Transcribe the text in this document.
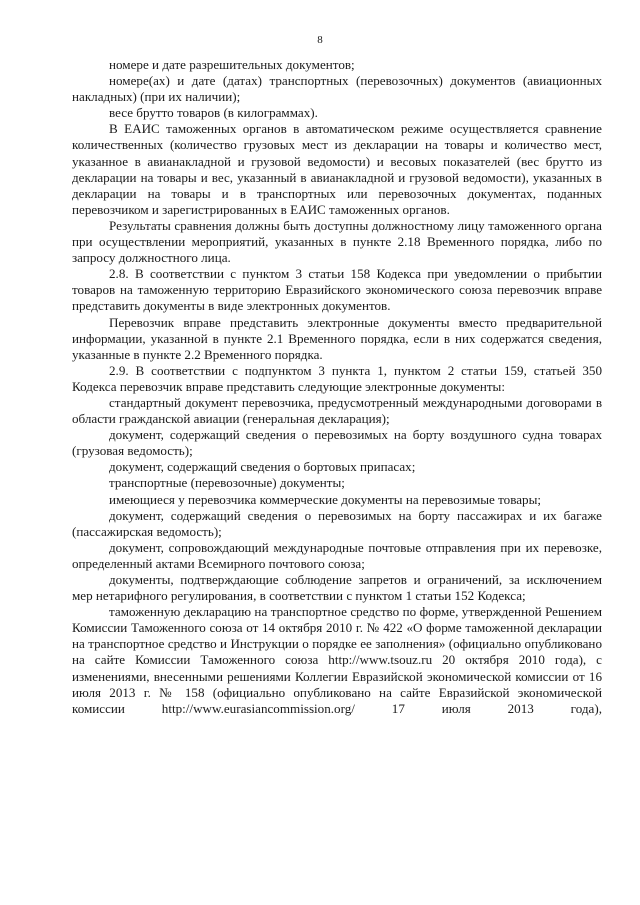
8

номере и дате разрешительных документов;

номере(ах) и дате (датах) транспортных (перевозочных) документов (авиационных накладных) (при их наличии);

весе брутто товаров (в килограммах).

В ЕАИС таможенных органов в автоматическом режиме осуществляется сравнение количественных (количество грузовых мест из декларации на товары и количество мест, указанное в авианакладной и грузовой ведомости) и весовых показателей (вес брутто из декларации на товары и вес, указанный в авианакладной и грузовой ведомости), указанных в декларации на товары и в транспортных или перевозочных документах, поданных перевозчиком и зарегистрированных в ЕАИС таможенных органов.

Результаты сравнения должны быть доступны должностному лицу таможенного органа при осуществлении мероприятий, указанных в пункте 2.18 Временного порядка, либо по запросу должностного лица.

2.8. В соответствии с пунктом 3 статьи 158 Кодекса при уведомлении о прибытии товаров на таможенную территорию Евразийского экономического союза перевозчик вправе представить документы в виде электронных документов.

Перевозчик вправе представить электронные документы вместо предварительной информации, указанной в пункте 2.1 Временного порядка, если в них содержатся сведения, указанные в пункте 2.2 Временного порядка.

2.9. В соответствии с подпунктом 3 пункта 1, пунктом 2 статьи 159, статьей 350 Кодекса перевозчик вправе представить следующие электронные документы:

стандартный документ перевозчика, предусмотренный международными договорами в области гражданской авиации (генеральная декларация);

документ, содержащий сведения о перевозимых на борту воздушного судна товарах (грузовая ведомость);

документ, содержащий сведения о бортовых припасах;

транспортные (перевозочные) документы;

имеющиеся у перевозчика коммерческие документы на перевозимые товары;

документ, содержащий сведения о перевозимых на борту пассажирах и их багаже (пассажирская ведомость);

документ, сопровождающий международные почтовые отправления при их перевозке, определенный актами Всемирного почтового союза;

документы, подтверждающие соблюдение запретов и ограничений, за исключением мер нетарифного регулирования, в соответствии с пунктом 1 статьи 152 Кодекса;

таможенную декларацию на транспортное средство по форме, утвержденной Решением Комиссии Таможенного союза от 14 октября 2010 г. № 422 «О форме таможенной декларации на транспортное средство и Инструкции о порядке ее заполнения» (официально опубликовано на сайте Комиссии Таможенного союза http://www.tsouz.ru 20 октября 2010 года), с изменениями, внесенными решениями Коллегии Евразийской экономической комиссии от 16 июля 2013 г. № 158 (официально опубликовано на сайте Евразийской экономической комиссии http://www.eurasiancommission.org/ 17 июля 2013 года),
